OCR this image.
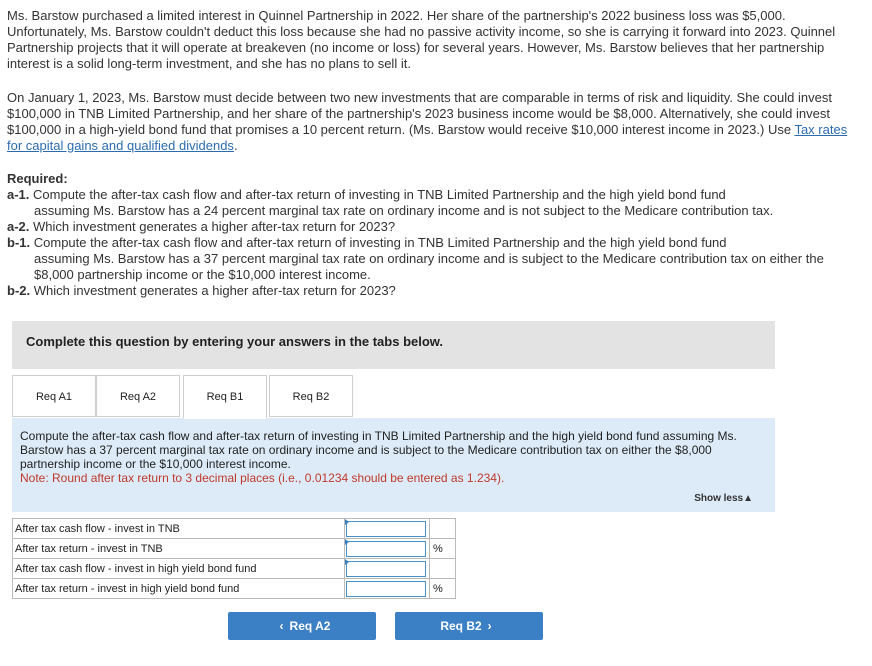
Ms. Barstow purchased a limited interest in Quinnel Partnership in 2022. Her share of the partnership's 2022 business loss was $5,000. Unfortunately, Ms. Barstow couldn't deduct this loss because she had no passive activity income, so she is carrying it forward into 2023. Quinnel Partnership projects that it will operate at breakeven (no income or loss) for several years. However, Ms. Barstow believes that her partnership interest is a solid long-term investment, and she has no plans to sell it.

On January 1, 2023, Ms. Barstow must decide between two new investments that are comparable in terms of risk and liquidity. She could invest $100,000 in TNB Limited Partnership, and her share of the partnership's 2023 business income would be $8,000. Alternatively, she could invest $100,000 in a high-yield bond fund that promises a 10 percent return. (Ms. Barstow would receive $10,000 interest income in 2023.) Use Tax rates for capital gains and qualified dividends.

Required:

a-1. Compute the after-tax cash flow and after-tax return of investing in TNB Limited Partnership and the high yield bond fund

assuming Ms. Barstow has a 24 percent marginal tax rate on ordinary income and is not subject to the Medicare contribution tax.

a-2. Which investment generates a higher after-tax return for 2023?

b-1. Compute the after-tax cash flow and after-tax return of investing in TNB Limited Partnership and the high yield bond fund

assuming Ms. Barstow has a 37 percent marginal tax rate on ordinary income and is subject to the Medicare contribution tax on either the $8,000 partnership income or the $10,000 interest income.

b-2. Which investment generates a higher after-tax return for 2023?

Complete this question by entering your answers in the tabs below.
Req A1	Req A2	Req B1	Req B2
Compute the after-tax cash flow and after-tax return of investing in TNB Limited Partnership and the high yield bond fund assuming Ms. Barstow has a 37 percent marginal tax rate on ordinary income and is subject to the Medicare contribution tax on either the $8,000 partnership income or the $10,000 interest income.
Note: Round after tax return to 3 decimal places (i.e., 0.01234 should be entered as 1.234).
Show less▲
After tax cash flow - invest in TNB	

After tax return - invest in TNB		%
After tax cash flow - invest in high yield bond fund	

After tax return - invest in high yield bond fund		%
‹ Req A2	Req B2 ›
